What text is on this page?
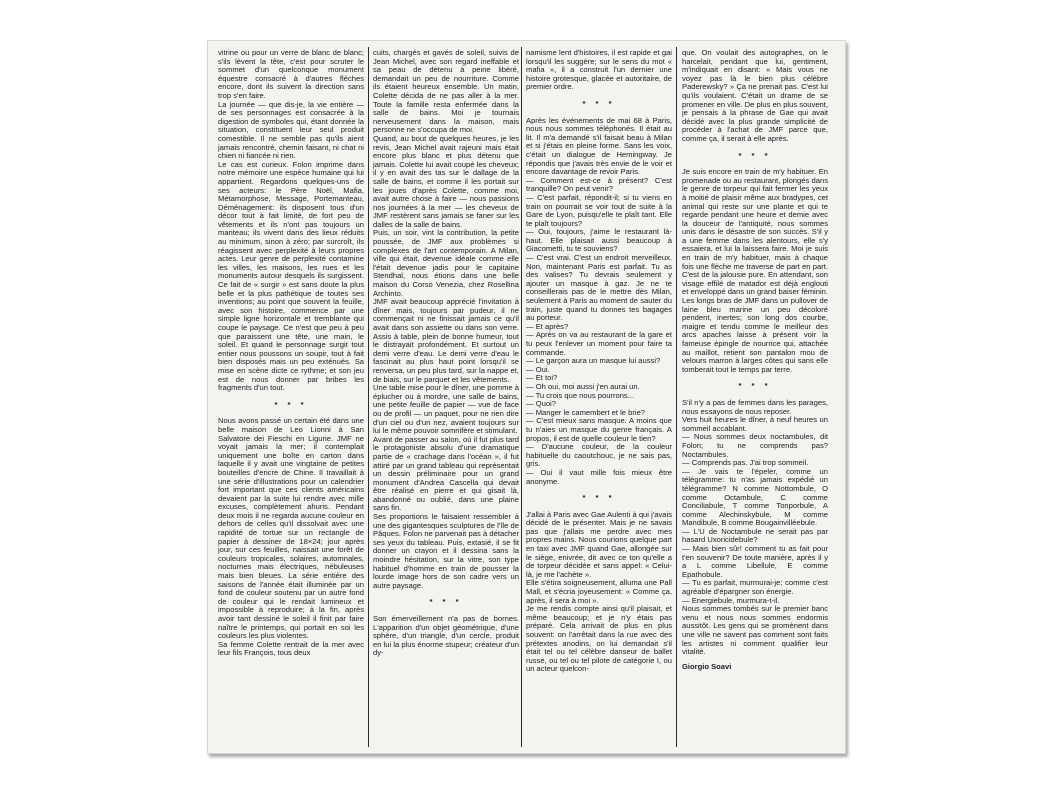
vitrine ou pour un verre de blanc de blanc; s'ils lèvent la tête, c'est pour scruter le sommet d'un quelconque monument équestre consacré à d'autres flèches encore, dont ils suivent la direction sans trop s'en faire.

La journée — que dis-je, la vie entière — de ses personnages est consacrée à la digestion de symboles qui, étant donnée la situation, constituent leur seul produit comestible. Il ne semble pas qu'ils aient jamais rencontré, chemin faisant, ni chat ni chien ni fiancée ni rien.

Le cas est curieux. Folon imprime dans notre mémoire une espèce humaine qui lui appartient. Regardons quelques-uns de ses acteurs: le Père Noël, Mafia, Métamorphose, Message, Portemanteau, Déménagement: ils disposent tous d'un décor tout à fait limité, de fort peu de vêtements et ils n'ont pas toujours un manteau; ils vivent dans des lieux réduits au minimum, sinon à zéro; par surcroît, ils réagissent avec perplexité à leurs propres actes. Leur genre de perplexité contamine les villes, les maisons, les rues et les monuments autour desquels ils surgissent. Ce fait de « surgir » est sans doute la plus belle et la plus pathétique de toutes ses inventions; au point que souvent la feuille, avec son histoire, commence par une simple ligne horizontale et tremblante qui coupe le paysage. Ce n'est que peu à peu que paraissent une tête, une main, le soleil. Et quand le personnage surgit tout entier nous poussons un soupir, tout à fait bien disposés mais un peu exténués. Sa mise en scène dicte ce rythme; et son jeu est de nous donner par bribes les fragments d'un tout.

* * *

Nous avons passé un certain été dans une belle maison de Leo Lionni à San Salvatore dei Fieschi en Ligurie. JMF ne voyait jamais la mer; il contemplait uniquement une boîte en carton dans laquelle il y avait une vingtaine de petites bouteilles d'encre de Chine. Il travaillait à une série d'illustrations pour un calendrier fort important que ces clients américains devaient par la suite lui rendre avec mille excuses, complètement ahuris. Pendant deux mois il ne regarda aucune couleur en dehors de celles qu'il dissolvait avec une rapidité de tortue sur un rectangle de papier à dessiner de 18×24; jour après jour, sur ces feuilles, naissait une forêt de couleurs tropicales, solaires, automnales, nocturnes mais électriques, nébuleuses mais bien bleues. La série entière des saisons de l'année était illuminée par un fond de couleur soutenu par un autre fond de couleur qui le rendait lumineux et impossible à reproduire; à la fin, après avoir tant dessiné le soleil il finit par faire naître le printemps, qui portait en soi les couleurs les plus violentes.

Sa femme Colette rentrait de la mer avec leur fils François, tous deux

cuits, chargés et gavés de soleil, suivis de Jean Michel, avec son regard ineffable et sa peau de détenu à peine libéré, demandait un peu de nourriture. Comme ils étaient heureux ensemble. Un matin, Colette décida de ne pas aller à la mer. Toute la famille resta enfermée dans la salle de bains. Moi je tournais nerveusement dans la maison, mais personne ne s'occupa de moi.

Quand, au bout de quelques heures, je les revis, Jean Michel avait rajeuni mais était encore plus blanc et plus détenu que jamais. Colette lui avait coupé les cheveux; il y en avait des tas sur le dallage de la salle de bains, et comme il les portait sur les joues d'après Colette, comme moi, avait autre chose à faire — nous passions nos journées à la mer — les cheveux de JMF restèrent sans jamais se faner sur les dalles de la salle de bains.

Puis, un soir, vint la contribution, la petite poussée, de JMF aux problèmes si complexes de l'art contemporain. A Milan, ville qui était, devenue idéale comme elle l'était devenue jadis pour le capitaine Stendhal, nous étions dans une belle maison du Corso Venezia, chez Rosellina Archinto.

JMF avait beaucoup apprécié l'invitation à dîner mais, toujours par pudeur, il ne commençait ni ne finissait jamais ce qu'il avait dans son assiette ou dans son verre. Assis à table, plein de bonne humeur, tout le distrayait profondément. Et surtout un demi verre d'eau. Le demi verre d'eau le fascinait au plus haut point lorsqu'il se renversa, un peu plus tard, sur la nappe et, de biais, sur le parquet et les vêtements.

Une table mise pour le dîner, une pomme à éplucher ou à mordre, une salle de bains, une petite feuille de papier — vue de face ou de profil — un paquet, pour ne rien dire d'un ciel ou d'un nez, avaient toujours sur lui le même pouvoir somnifère et stimulant.

Avant de passer au salon, où il fut plus tard le protagoniste absolu d'une dramatique partie de « crachage dans l'océan », il fut attiré par un grand tableau qui représentait un dessin préliminaire pour un grand monument d'Andrea Cascella qui devait être réalisé en pierre et qui gisait là, abandonné ou oublié, dans une plaine sans fin.

Ses proportions le faisaient ressembler à une des gigantesques sculptures de l'île de Pâques. Folon ne parvenait pas à détacher ses yeux du tableau. Puis, extasié, il se fit donner un crayon et il dessina sans la moindre hésitation, sur la vitre, son type habituel d'homme en train de pousser la lourde image hors de son cadre vers un autre paysage.

* * *

Son émerveillement n'a pas de bornes. L'apparition d'un objet géométrique, d'une sphère, d'un triangle, d'un cercle, produit en lui la plus énorme stupeur; créateur d'un dy-

namisme lent d'histoires, il est rapide et gai lorsqu'il les suggère; sur le sens du mot « mafia », il a construit l'un dernier une histoire grotesque, glacée et autoritaire, de premier ordre.

* * *

Après les événements de mai 68 à Paris, nous nous sommes téléphonés. Il était au lit. Il m'a demandé s'il faisait beau à Milan et si j'étais en pleine forme. Sans les voix, c'était un dialogue de Hemingway. Je répondis que j'avais très envie de le voir et encore davantage de revoir Paris.

— Comment est-ce à présent? C'est tranquille? On peut venir?

— C'est parfait, répondit-il; si tu viens en train on pourrait se voir tout de suite à la Gare de Lyon, puisqu'elle te plaît tant. Elle te plaît toujours?

— Oui, toujours, j'aime le restaurant là-haut. Elle plaisait aussi beaucoup à Giacometti, tu te souviens?

— C'est vrai. C'est un endroit merveilleux. Non, maintenant Paris est parfait. Tu as des valises? Tu devrais seulement y ajouter un masque à gaz. Je ne te conseillerais pas de le mettre dès Milan, seulement à Paris au moment de sauter du train, juste quand tu donnes tes bagages au porteur.

— Et après?

— Après on va au restaurant de la gare et tu peux l'enlever un moment pour faire ta commande.

— Le garçon aura un masque lui aussi?

— Oui.

— Et toi?

— Oh oui, moi aussi j'en aurai un.

— Tu crois que nous pourrons...

— Quoi?

— Manger le camembert et le brie?

— C'est mieux sans masque. A moins que tu n'aies un masque du genre français. A propos, il est de quelle couleur le tien?

— D'aucune couleur, de la couleur habituelle du caoutchouc, je ne sais pas, gris.

— Oui il vaut mille fois mieux être anonyme.

* * *

J'allai à Paris avec Gae Aulenti à qui j'avais décidé de le présenter. Mais je ne savais pas que j'allais me perdre avec mes propres mains. Nous courions quelque part en taxi avec JMF quand Gae, allongée sur le siège, enivrée, dit avec ce ton qu'elle a de torpeur décidée et sans appel: « Celui-là, je me l'achète ».

Elle s'étira soigneusement, alluma une Pall Mall, et s'écria joyeusement: « Comme ça, après, il sera à moi ».

Je me rendis compte ainsi qu'il plaisait, et même beaucoup; et je n'y étais pas préparé. Cela arrivait de plus en plus souvent: on l'arrêtait dans la rue avec des prétextes anodins, on lui demandait s'il était tel ou tel célèbre danseur de ballet russe, ou tel ou tel pilote de catégorie I, ou un acteur quelcon-

que. On voulait des autographes, on le harcelait, pendant que lui, gentiment, m'indiquait en disant: « Mais vous ne voyez pas là le bien plus célèbre Paderewsky? » Ça ne prenait pas. C'est lui qu'ils voulaient. C'était un drame de se promener en ville. De plus en plus souvent, je pensais à la phrase de Gae qui avait décidé avec la plus grande simplicité de procéder à l'achat de JMF parce que, comme ça, il serait à elle après.

* * *

Je suis encore en train de m'y habituer. En promenade ou au restaurant, plongés dans le genre de torpeur qui fait fermer les yeux à moitié de plaisir même aux bradypes, cet animal qui reste sur une plante et qui te regarde pendant une heure et demie avec la douceur de l'antiquité, nous sommes unis dans le désastre de son succès. S'il y a une femme dans les alentours, elle s'y essaiera, et lui la laissera faire. Moi je suis en train de m'y habituer, mais à chaque fois une flèche me traverse de part en part. C'est de la jalousie pure. En attendant, son visage effilé de matador est déjà englouti et enveloppé dans un grand baiser féminin. Les longs bras de JMF dans un pullover de laine bleu marine un peu décoloré pendent, inertes; son long dos courbe, maigre et tendu comme le meilleur des arcs apaches laisse à présent voir la fameuse épingle de nourrice qui, attachée au maillot, retient son pantalon mou de velours marron à larges côtes qui sans elle tomberait tout le temps par terre.

* * *

S'il n'y a pas de femmes dans les parages, nous essayons de nous reposer.

Vers huit heures le dîner, à neuf heures un sommeil accablant.

— Nous sommes deux noctambules, dit Folon; tu ne comprends pas? Noctambules.

— Comprends pas. J'ai trop sommeil.

— Je vais te l'épeler, comme un télégramme: tu n'as jamais expédié un télégramme? N comme Nottombule, O comme Octambule, C comme Conciliabule, T comme Tonporbule, A comme Alechinskybule, M comme Mandibule, B comme Bougainvilléebule.

— L'U de Noctambule ne serait pas par hasard Uxoricidebule?

— Mais bien sûr! comment tu as fait pour t'en souvenir? De toute manière, après il y a L comme Libellule, E comme Epathobule.

— Tu es parfait, murmurai-je; comme c'est agréable d'épargner son énergie.

— Energiebule, murmura-t-il.

Nous sommes tombés sur le premier banc venu et nous nous sommes endormis aussitôt. Les gens qui se promènent dans une ville ne savent pas comment sont faits les artistes ni comment qualifier leur vitalité.

Giorgio Soavi
